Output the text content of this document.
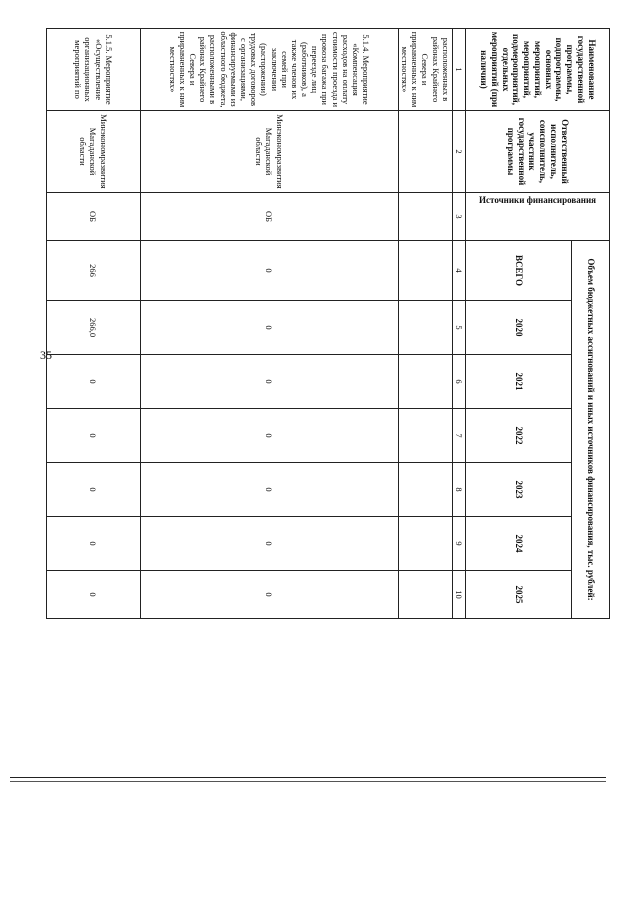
35
Наименование государственной программы, подпрограммы, основных мероприятий, мероприятий, подмероприятий, отдельных мероприятий (при наличии)	Ответственный исполнитель, соисполнитель, участник государственной программы	Источники финансирования	Объем бюджетных ассигнований и иных источников финансирования, тыс. рублей:						
			ВСЕГО	2020	2021	2022	2023	2024	2025
1	2	3	4	5	6	7	8	9	10
расположенных в районах Крайнего Севера и приравненных к ним местностях»									
5.1.4. Мероприятие «Компенсация расходов на оплату стоимости проезда и провоза багажа при переезде лиц (работников), а также членов их семей при заключении (расторжении) трудовых договоров с организациями, финансируемыми из областного бюджета, расположенными в районах Крайнего Севера и приравненных к ним местностях»	Минэкономразвития Магаданской области	ОБ	0	0	0	0	0	0	0
5.1.5. Мероприятие «Осуществление организационных мероприятий по	Минэкономразвития Магаданской области	ОБ	266	266,0	0	0	0	0	0
